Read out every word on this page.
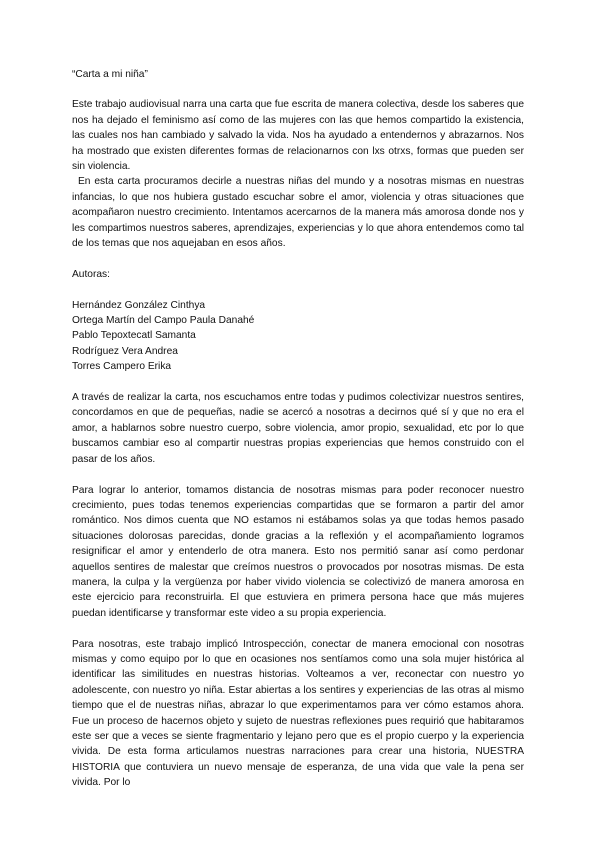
“Carta a mi niña”

Este trabajo audiovisual narra una carta que fue escrita de manera colectiva, desde los saberes que nos ha dejado el feminismo así como de las mujeres con las que hemos compartido la existencia, las cuales nos han cambiado y salvado la vida. Nos ha ayudado a entendernos y abrazarnos. Nos ha mostrado que existen diferentes formas de relacionarnos con lxs otrxs, formas que pueden ser sin violencia.

En esta carta procuramos decirle a nuestras niñas del mundo y a nosotras mismas en nuestras infancias, lo que nos hubiera gustado escuchar sobre el amor, violencia y otras situaciones que acompañaron nuestro crecimiento. Intentamos acercarnos de la manera más amorosa donde nos y les compartimos nuestros saberes, aprendizajes, experiencias y lo que ahora entendemos como tal de los temas que nos aquejaban en esos años.

Autoras:
Hernández González Cinthya
Ortega Martín del Campo Paula Danahé
Pablo Tepoxtecatl Samanta
Rodríguez Vera Andrea
Torres Campero Erika

A través de realizar la carta, nos escuchamos entre todas y pudimos colectivizar nuestros sentires, concordamos en que de pequeñas, nadie se acercó a nosotras a decirnos qué sí y que no era el amor, a hablarnos sobre nuestro cuerpo, sobre violencia, amor propio, sexualidad, etc por lo que buscamos cambiar eso al compartir nuestras propias experiencias que hemos construido con el pasar de los años.

Para lograr lo anterior, tomamos distancia de nosotras mismas para poder reconocer nuestro crecimiento, pues todas tenemos experiencias compartidas que se formaron a partir del amor romántico. Nos dimos cuenta que NO estamos ni estábamos solas ya que todas hemos pasado situaciones dolorosas parecidas, donde gracias a la reflexión y el acompañamiento logramos resignificar el amor y entenderlo de otra manera. Esto nos permitió sanar así como perdonar aquellos sentires de malestar que creímos nuestros o provocados por nosotras mismas. De esta manera, la culpa y la vergüenza por haber vivido violencia se colectivizó de manera amorosa en este ejercicio para reconstruirla. El que estuviera en primera persona hace que más mujeres puedan identificarse y transformar este video a su propia experiencia.

Para nosotras, este trabajo implicó Introspección, conectar de manera emocional con nosotras mismas y como equipo por lo que en ocasiones nos sentíamos como una sola mujer histórica al identificar las similitudes en nuestras historias. Volteamos a ver, reconectar con nuestro yo adolescente, con nuestro yo niña. Estar abiertas a los sentires y experiencias de las otras al mismo tiempo que el de nuestras niñas, abrazar lo que experimentamos para ver cómo estamos ahora. Fue un proceso de hacernos objeto y sujeto de nuestras reflexiones pues requirió que habitaramos este ser que a veces se siente fragmentario y lejano pero que es el propio cuerpo y la experiencia vivida. De esta forma articulamos nuestras narraciones para crear una historia, NUESTRA HISTORIA que contuviera un nuevo mensaje de esperanza, de una vida que vale la pena ser vivida. Por lo
